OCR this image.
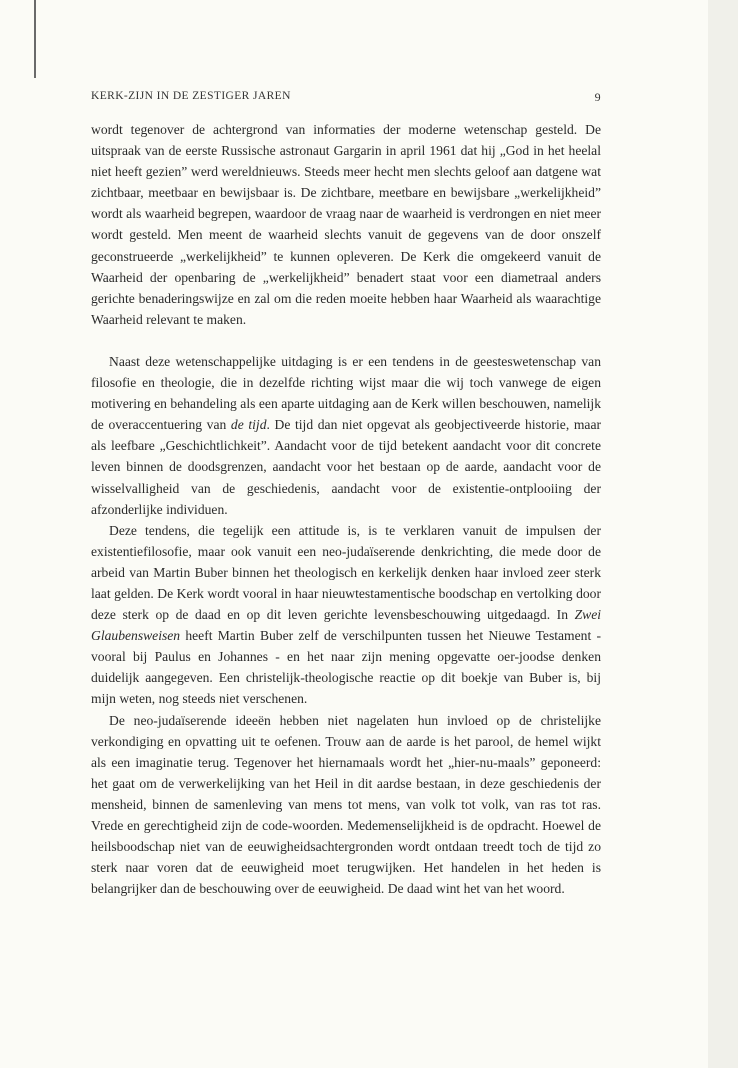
KERK-ZIJN IN DE ZESTIGER JAREN	9

wordt tegenover de achtergrond van informaties der moderne wetenschap gesteld. De uitspraak van de eerste Russische astronaut Gargarin in april 1961 dat hij „God in het heelal niet heeft gezien” werd wereldnieuws. Steeds meer hecht men slechts geloof aan datgene wat zichtbaar, meetbaar en bewijsbaar is. De zichtbare, meetbare en bewijsbare „werkelijkheid” wordt als waarheid begrepen, waardoor de vraag naar de waarheid is verdrongen en niet meer wordt gesteld. Men meent de waarheid slechts vanuit de gegevens van de door onszelf geconstrueerde „werkelijkheid” te kunnen opleveren. De Kerk die omgekeerd vanuit de Waarheid der openbaring de „werkelijkheid” benadert staat voor een diametraal anders gerichte benaderingswijze en zal om die reden moeite hebben haar Waarheid als waarachtige Waarheid relevant te maken.

Naast deze wetenschappelijke uitdaging is er een tendens in de geesteswetenschap van filosofie en theologie, die in dezelfde richting wijst maar die wij toch vanwege de eigen motivering en behandeling als een aparte uitdaging aan de Kerk willen beschouwen, namelijk de overaccentuering van de tijd. De tijd dan niet opgevat als geobjectiveerde historie, maar als leefbare „Geschichtlichkeit”. Aandacht voor de tijd betekent aandacht voor dit concrete leven binnen de doodsgrenzen, aandacht voor het bestaan op de aarde, aandacht voor de wisselvalligheid van de geschiedenis, aandacht voor de existentie-ontplooiing der afzonderlijke individuen.

Deze tendens, die tegelijk een attitude is, is te verklaren vanuit de impulsen der existentiefilosofie, maar ook vanuit een neo-judaïserende denkrichting, die mede door de arbeid van Martin Buber binnen het theologisch en kerkelijk denken haar invloed zeer sterk laat gelden. De Kerk wordt vooral in haar nieuwtestamentische boodschap en vertolking door deze sterk op de daad en op dit leven gerichte levensbeschouwing uitgedaagd. In Zwei Glaubensweisen heeft Martin Buber zelf de verschilpunten tussen het Nieuwe Testament - vooral bij Paulus en Johannes - en het naar zijn mening opgevatte oer-joodse denken duidelijk aangegeven. Een christelijk-theologische reactie op dit boekje van Buber is, bij mijn weten, nog steeds niet verschenen.

De neo-judaïserende ideeën hebben niet nagelaten hun invloed op de christelijke verkondiging en opvatting uit te oefenen. Trouw aan de aarde is het parool, de hemel wijkt als een imaginatie terug. Tegenover het hiernamaals wordt het „hier-nu-maals” geponeerd: het gaat om de verwerkelijking van het Heil in dit aardse bestaan, in deze geschiedenis der mensheid, binnen de samenleving van mens tot mens, van volk tot volk, van ras tot ras. Vrede en gerechtigheid zijn de code-woorden. Medemenselijkheid is de opdracht. Hoewel de heilsboodschap niet van de eeuwigheidsachtergronden wordt ontdaan treedt toch de tijd zo sterk naar voren dat de eeuwigheid moet terugwijken. Het handelen in het heden is belangrijker dan de beschouwing over de eeuwigheid. De daad wint het van het woord.
